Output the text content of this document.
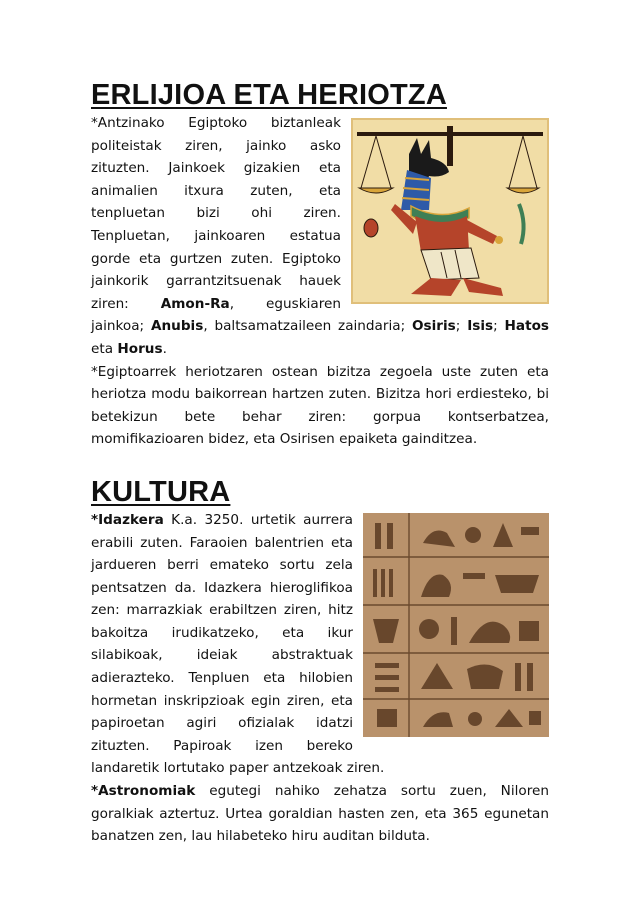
ERLIJIOA ETA HERIOTZA

*Antzinako Egiptoko biztanleak politeistak ziren, jainko asko zituzten. Jainkoek gizakien eta animalien itxura zuten, eta tenpluetan bizi ohi ziren. Tenpluetan, jainkoaren estatua gorde eta gurtzen zuten. Egiptoko jainkorik garrantzitsuenak hauek ziren: Amon-Ra, eguskiaren jainkoa; Anubis, baltsamatzaileen zaindaria; Osiris; Isis; Hatos eta Horus.

*Egiptoarrek heriotzaren ostean bizitza zegoela uste zuten eta heriotza modu baikorrean hartzen zuten. Bizitza hori erdiesteko, bi betekizun bete behar ziren: gorpua kontserbatzea, momifikazioaren bidez, eta Osirisen epaiketa gainditzea.

KULTURA

*Idazkera K.a. 3250. urtetik aurrera erabili zuten. Faraoien balentrien eta jardueren berri emateko sortu zela pentsatzen da. Idazkera hieroglifikoa zen: marrazkiak erabiltzen ziren, hitz bakoitza irudikatzeko, eta ikur silabikoak, ideiak abstraktuak adierazteko. Tenpluen eta hilobien hormetan inskripzioak egin ziren, eta papiroetan agiri ofizialak idatzi zituzten. Papiroak izen bereko landaretik lortutako paper antzekoak ziren.

*Astronomiak egutegi nahiko zehatza sortu zuen, Niloren goralkiak aztertuz. Urtea goraldian hasten zen, eta 365 egunetan banatzen zen, lau hilabeteko hiru auditan bilduta.
